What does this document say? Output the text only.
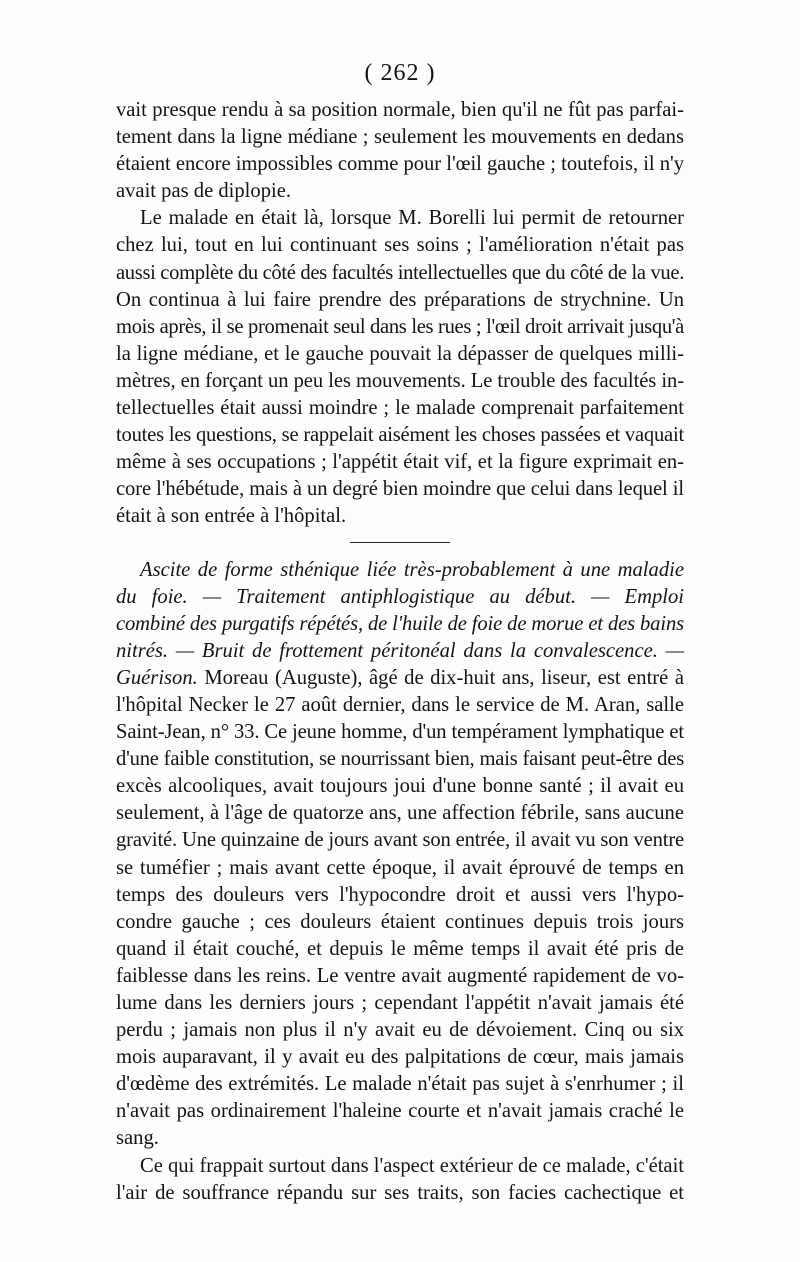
( 262 )
vait presque rendu à sa position normale, bien qu'il ne fût pas parfai-
tement dans la ligne médiane ; seulement les mouvements en dedans
étaient encore impossibles comme pour l'œil gauche ; toutefois, il n'y
avait pas de diplopie.
Le malade en était là, lorsque M. Borelli lui permit de retourner
chez lui, tout en lui continuant ses soins ; l'amélioration n'était pas
aussi complète du côté des facultés intellectuelles que du côté de la vue.
On continua à lui faire prendre des préparations de strychnine. Un
mois après, il se promenait seul dans les rues ; l'œil droit arrivait jusqu'à
la ligne médiane, et le gauche pouvait la dépasser de quelques milli-
mètres, en forçant un peu les mouvements. Le trouble des facultés in-
tellectuelles était aussi moindre ; le malade comprenait parfaitement
toutes les questions, se rappelait aisément les choses passées et vaquait
même à ses occupations ; l'appétit était vif, et la figure exprimait en-
core l'hébétude, mais à un degré bien moindre que celui dans lequel il
était à son entrée à l'hôpital.
Ascite de forme sthénique liée très-probablement à une maladie
du foie. — Traitement antiphlogistique au début. — Emploi
combiné des purgatifs répétés, de l'huile de foie de morue et des bains
nitrés. — Bruit de frottement péritonéal dans la convalescence. —
Guérison. Moreau (Auguste), âgé de dix-huit ans, liseur, est entré à
l'hôpital Necker le 27 août dernier, dans le service de M. Aran, salle
Saint-Jean, n° 33. Ce jeune homme, d'un tempérament lymphatique et
d'une faible constitution, se nourrissant bien, mais faisant peut-être des
excès alcooliques, avait toujours joui d'une bonne santé ; il avait eu
seulement, à l'âge de quatorze ans, une affection fébrile, sans aucune
gravité. Une quinzaine de jours avant son entrée, il avait vu son ventre
se tuméfier ; mais avant cette époque, il avait éprouvé de temps en
temps des douleurs vers l'hypocondre droit et aussi vers l'hypo-
condre gauche ; ces douleurs étaient continues depuis trois jours
quand il était couché, et depuis le même temps il avait été pris de
faiblesse dans les reins. Le ventre avait augmenté rapidement de vo-
lume dans les derniers jours ; cependant l'appétit n'avait jamais été
perdu ; jamais non plus il n'y avait eu de dévoiement. Cinq ou six
mois auparavant, il y avait eu des palpitations de cœur, mais jamais
d'œdème des extrémités. Le malade n'était pas sujet à s'enrhumer ; il
n'avait pas ordinairement l'haleine courte et n'avait jamais craché le
sang.
Ce qui frappait surtout dans l'aspect extérieur de ce malade, c'était
l'air de souffrance répandu sur ses traits, son facies cachectique et
